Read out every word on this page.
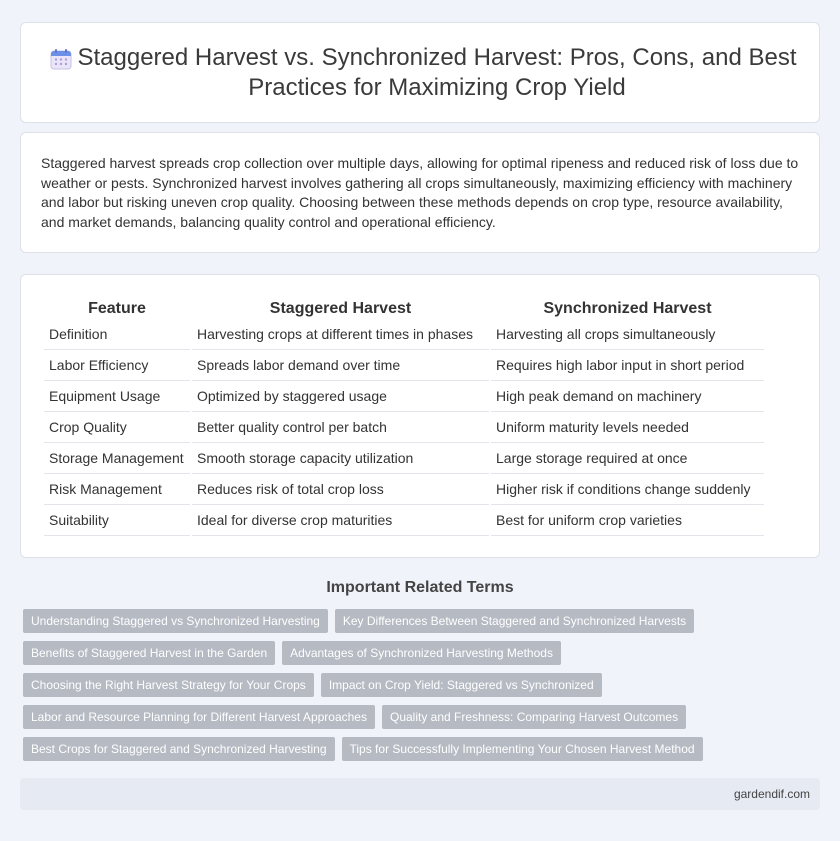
Staggered Harvest vs. Synchronized Harvest: Pros, Cons, and Best Practices for Maximizing Crop Yield

Staggered harvest spreads crop collection over multiple days, allowing for optimal ripeness and reduced risk of loss due to weather or pests. Synchronized harvest involves gathering all crops simultaneously, maximizing efficiency with machinery and labor but risking uneven crop quality. Choosing between these methods depends on crop type, resource availability, and market demands, balancing quality control and operational efficiency.

Feature	Staggered Harvest	Synchronized Harvest
Definition	Harvesting crops at different times in phases	Harvesting all crops simultaneously
Labor Efficiency	Spreads labor demand over time	Requires high labor input in short period
Equipment Usage	Optimized by staggered usage	High peak demand on machinery
Crop Quality	Better quality control per batch	Uniform maturity levels needed
Storage Management	Smooth storage capacity utilization	Large storage required at once
Risk Management	Reduces risk of total crop loss	Higher risk if conditions change suddenly
Suitability	Ideal for diverse crop maturities	Best for uniform crop varieties
Important Related Terms
Understanding Staggered vs Synchronized Harvesting	Key Differences Between Staggered and Synchronized Harvests
Benefits of Staggered Harvest in the Garden	Advantages of Synchronized Harvesting Methods
Choosing the Right Harvest Strategy for Your Crops	Impact on Crop Yield: Staggered vs Synchronized
Labor and Resource Planning for Different Harvest Approaches	Quality and Freshness: Comparing Harvest Outcomes
Best Crops for Staggered and Synchronized Harvesting	Tips for Successfully Implementing Your Chosen Harvest Method
gardendif.com
